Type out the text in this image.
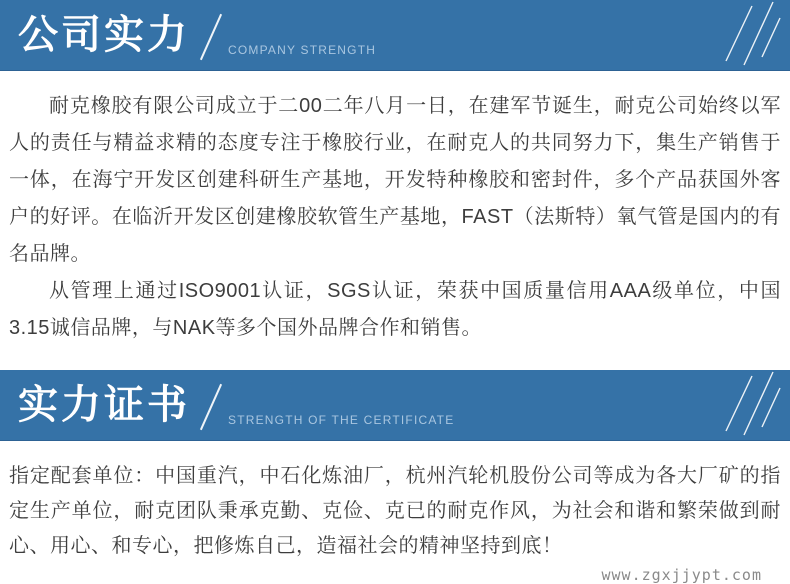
公司实力	COMPANY STRENGTH

耐克橡胶有限公司成立于二00二年八月一日，在建军节诞生，耐克公司始终以军人的责任与精益求精的态度专注于橡胶行业，在耐克人的共同努力下，集生产销售于一体，在海宁开发区创建科研生产基地，开发特种橡胶和密封件，多个产品获国外客户的好评。在临沂开发区创建橡胶软管生产基地，FAST（法斯特）氧气管是国内的有名品牌。

从管理上通过ISO9001认证，SGS认证，荣获中国质量信用AAA级单位，中国3.15诚信品牌，与NAK等多个国外品牌合作和销售。

实力证书	STRENGTH OF THE CERTIFICATE

指定配套单位：中国重汽，中石化炼油厂，杭州汽轮机股份公司等成为各大厂矿的指定生产单位，耐克团队秉承克勤、克俭、克已的耐克作风，为社会和谐和繁荣做到耐心、用心、和专心，把修炼自己，造福社会的精神坚持到底！

www.zgxjjypt.com
